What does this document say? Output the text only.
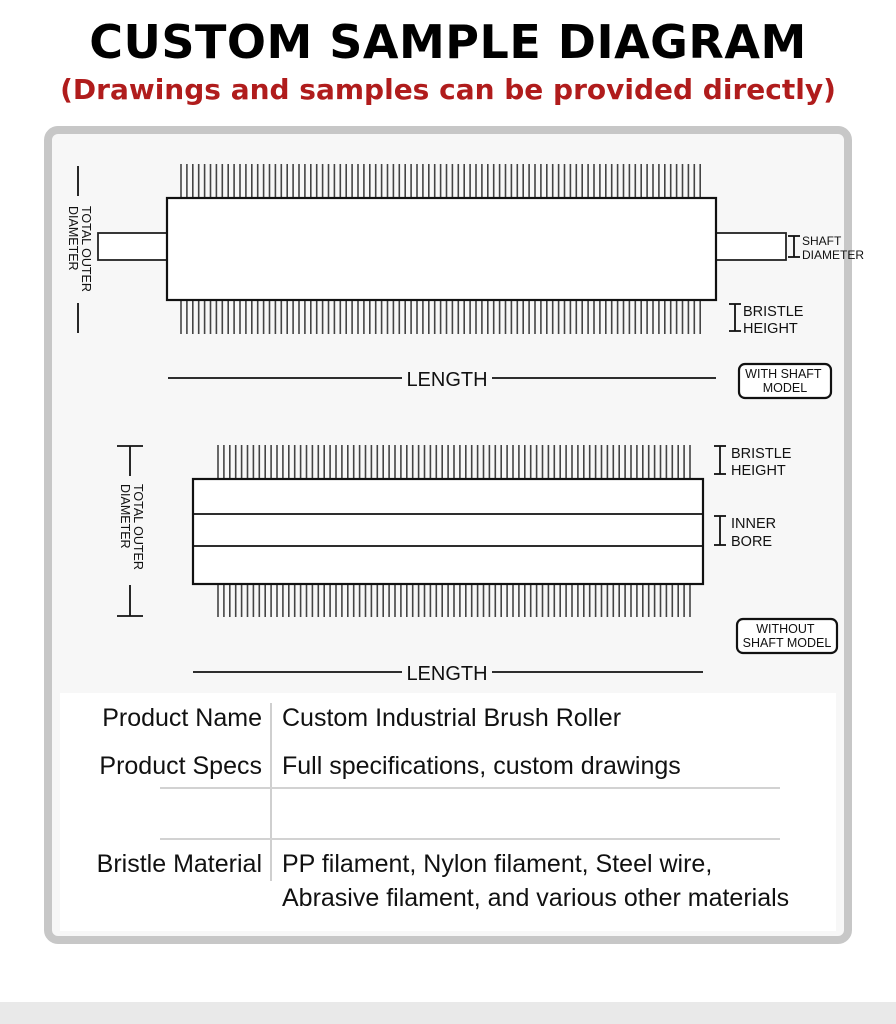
CUSTOM SAMPLE DIAGRAM
(Drawings and samples can be provided directly)
TOTAL OUTER DIAMETER	SHAFT DIAMETER
BRISTLE HEIGHT
LENGTH	WITH SHAFT MODEL
TOTAL OUTER DIAMETER
BRISTLE HEIGHT
INNER BORE
WITHOUT SHAFT MODEL
LENGTH
Product Name Custom Industrial Brush Roller
Product Specs Full specifications, custom drawings
Bristle Material PP filament, Nylon filament, Steel wire,
Abrasive filament, and various other materials
